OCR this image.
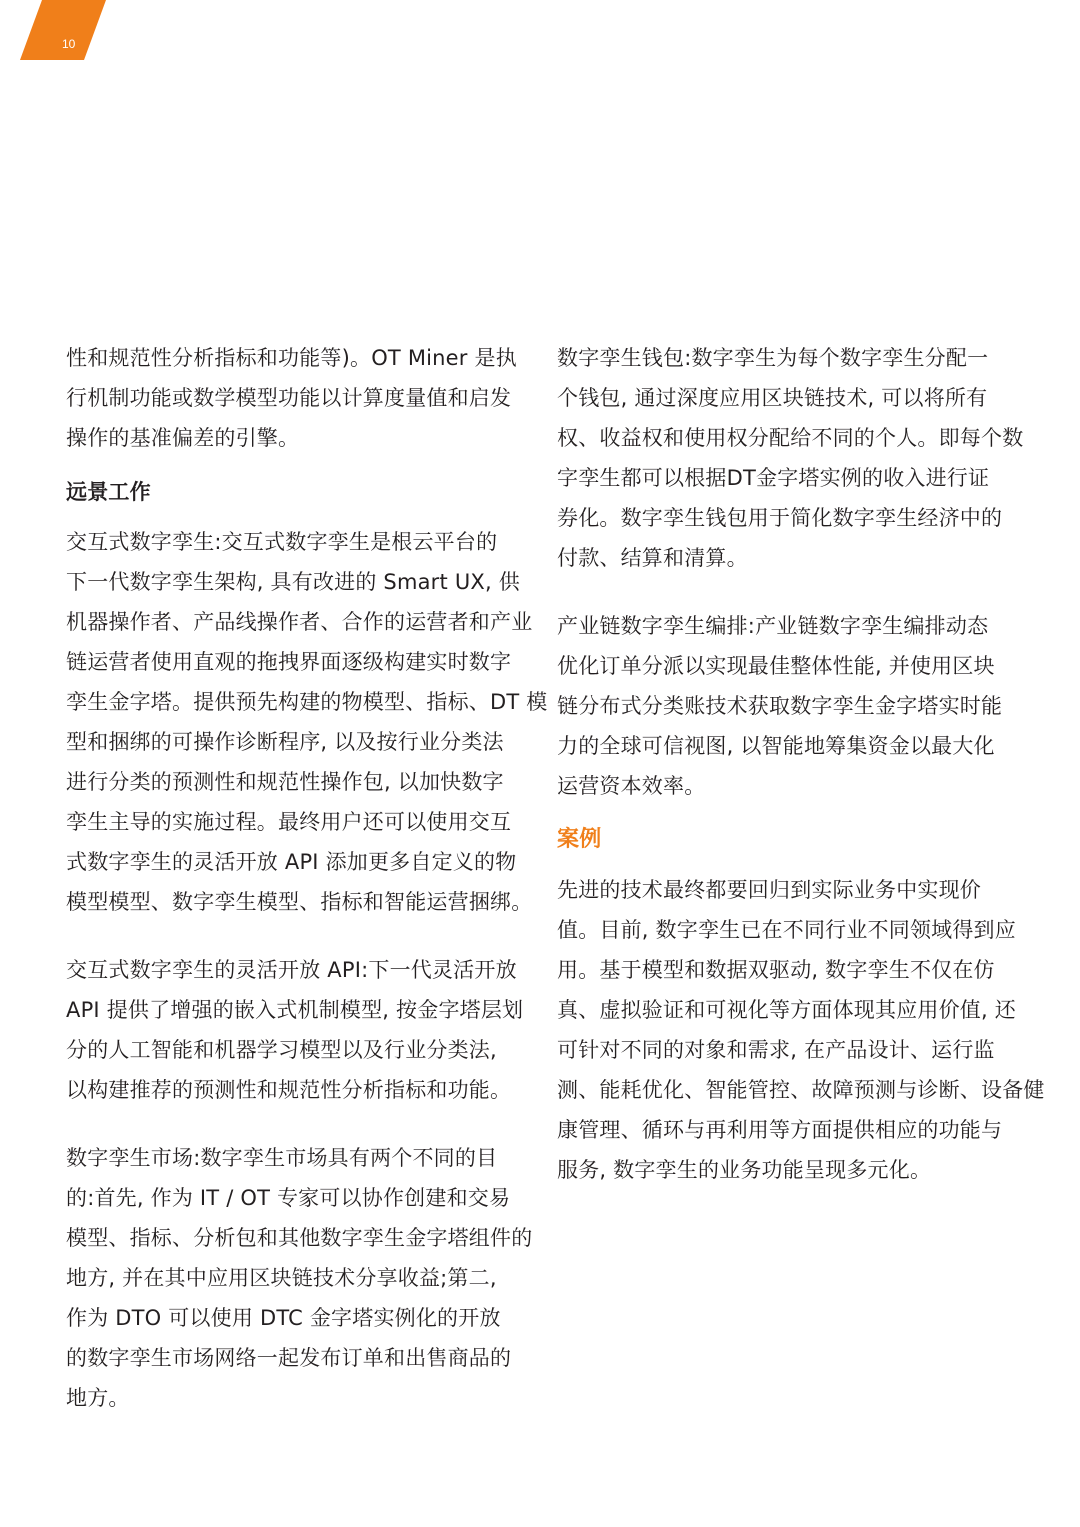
10
性和规范性分析指标和功能等)。OT Miner 是执
行机制功能或数学模型功能以计算度量值和启发
操作的基准偏差的引擎。
远景工作
交互式数字孪生:交互式数字孪生是根云平台的
下一代数字孪生架构, 具有改进的 Smart UX, 供
机器操作者、产品线操作者、合作的运营者和产业
链运营者使用直观的拖拽界面逐级构建实时数字
孪生金字塔。提供预先构建的物模型、指标、DT 模
型和捆绑的可操作诊断程序, 以及按行业分类法
进行分类的预测性和规范性操作包, 以加快数字
孪生主导的实施过程。最终用户还可以使用交互
式数字孪生的灵活开放 API 添加更多自定义的物
模型模型、数字孪生模型、指标和智能运营捆绑。
交互式数字孪生的灵活开放 API:下一代灵活开放
API 提供了增强的嵌入式机制模型, 按金字塔层划
分的人工智能和机器学习模型以及行业分类法,
以构建推荐的预测性和规范性分析指标和功能。
数字孪生市场:数字孪生市场具有两个不同的目
的:首先, 作为 IT / OT 专家可以协作创建和交易
模型、指标、分析包和其他数字孪生金字塔组件的
地方, 并在其中应用区块链技术分享收益;第二,
作为 DTO 可以使用 DTC 金字塔实例化的开放
的数字孪生市场网络一起发布订单和出售商品的
地方。
数字孪生钱包:数字孪生为每个数字孪生分配一
个钱包, 通过深度应用区块链技术, 可以将所有
权、收益权和使用权分配给不同的个人。即每个数
字孪生都可以根据DT金字塔实例的收入进行证
券化。数字孪生钱包用于简化数字孪生经济中的
付款、结算和清算。
产业链数字孪生编排:产业链数字孪生编排动态
优化订单分派以实现最佳整体性能, 并使用区块
链分布式分类账技术获取数字孪生金字塔实时能
力的全球可信视图, 以智能地筹集资金以最大化
运营资本效率。
案例
先进的技术最终都要回归到实际业务中实现价
值。目前, 数字孪生已在不同行业不同领域得到应
用。基于模型和数据双驱动, 数字孪生不仅在仿
真、虚拟验证和可视化等方面体现其应用价值, 还
可针对不同的对象和需求, 在产品设计、运行监
测、能耗优化、智能管控、故障预测与诊断、设备健
康管理、循环与再利用等方面提供相应的功能与
服务, 数字孪生的业务功能呈现多元化。
